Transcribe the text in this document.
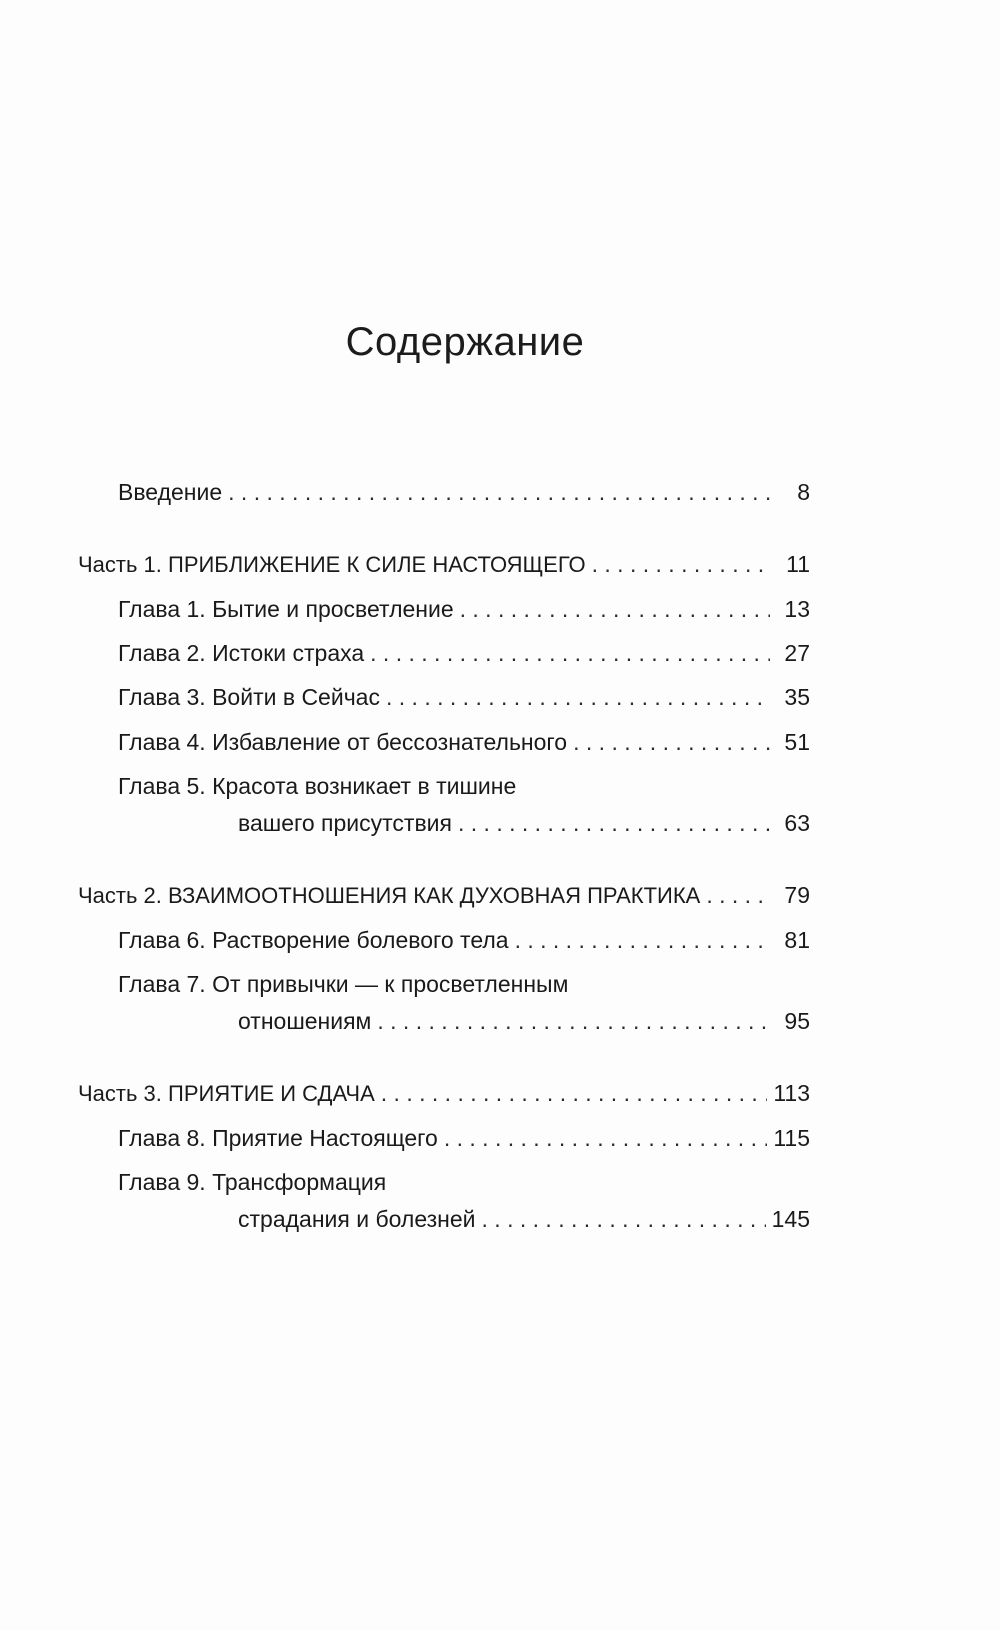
Содержание
Введение . . .	8
Часть 1. ПРИБЛИЖЕНИЕ К СИЛЕ НАСТОЯЩЕГО . . .	11
Глава 1. Бытие и просветление . . .	13
Глава 2. Истоки страха . . .	27
Глава 3. Войти в Сейчас . . .	35
Глава 4. Избавление от бессознательного . . .	51
Глава 5. Красота возникает в тишине
вашего присутствия . . .	63
Часть 2. ВЗАИМООТНОШЕНИЯ КАК ДУХОВНАЯ ПРАКТИКА . . .	79
Глава 6. Растворение болевого тела . . .	81
Глава 7. От привычки — к просветленным
отношениям . . .	95
Часть 3. ПРИЯТИЕ И СДАЧА . . .	113
Глава 8. Приятие Настоящего . . .	115
Глава 9. Трансформация
страдания и болезней . . .	145
